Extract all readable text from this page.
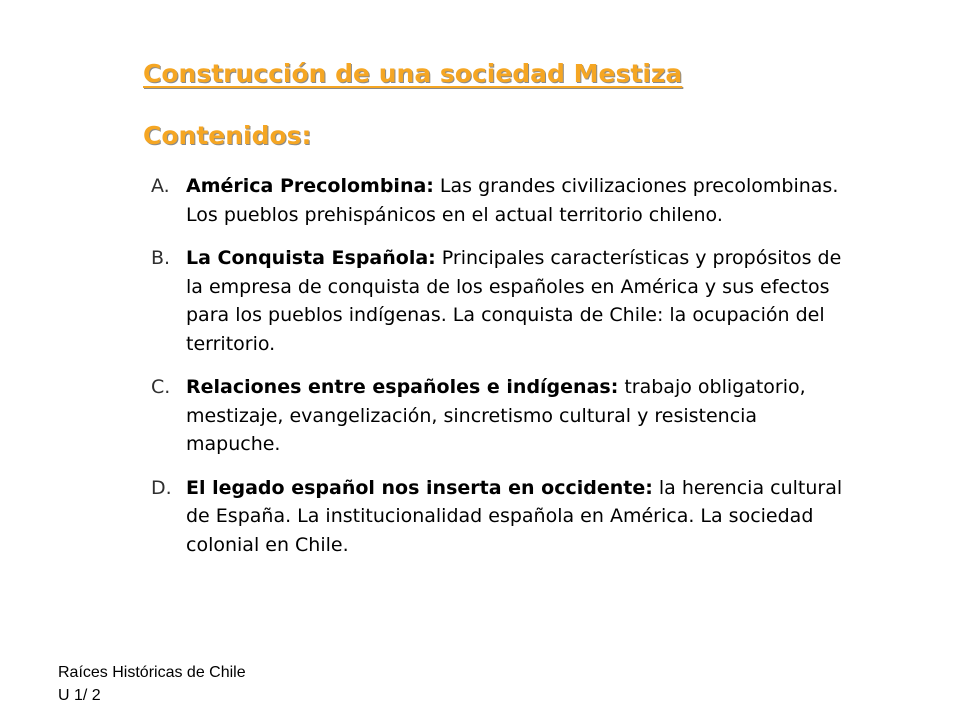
Construcción de una sociedad Mestiza
Contenidos:
A. América Precolombina: Las grandes civilizaciones precolombinas. Los pueblos prehispánicos en el actual territorio chileno.
B. La Conquista Española: Principales características y propósitos de la empresa de conquista de los españoles en América y sus efectos para los pueblos indígenas. La conquista de Chile: la ocupación del territorio.
C. Relaciones entre españoles e indígenas: trabajo obligatorio, mestizaje, evangelización, sincretismo cultural y resistencia mapuche.
D. El legado español nos inserta en occidente: la herencia cultural de España. La institucionalidad española en América. La sociedad colonial en Chile.

Raíces Históricas de Chile U 1/ 2
